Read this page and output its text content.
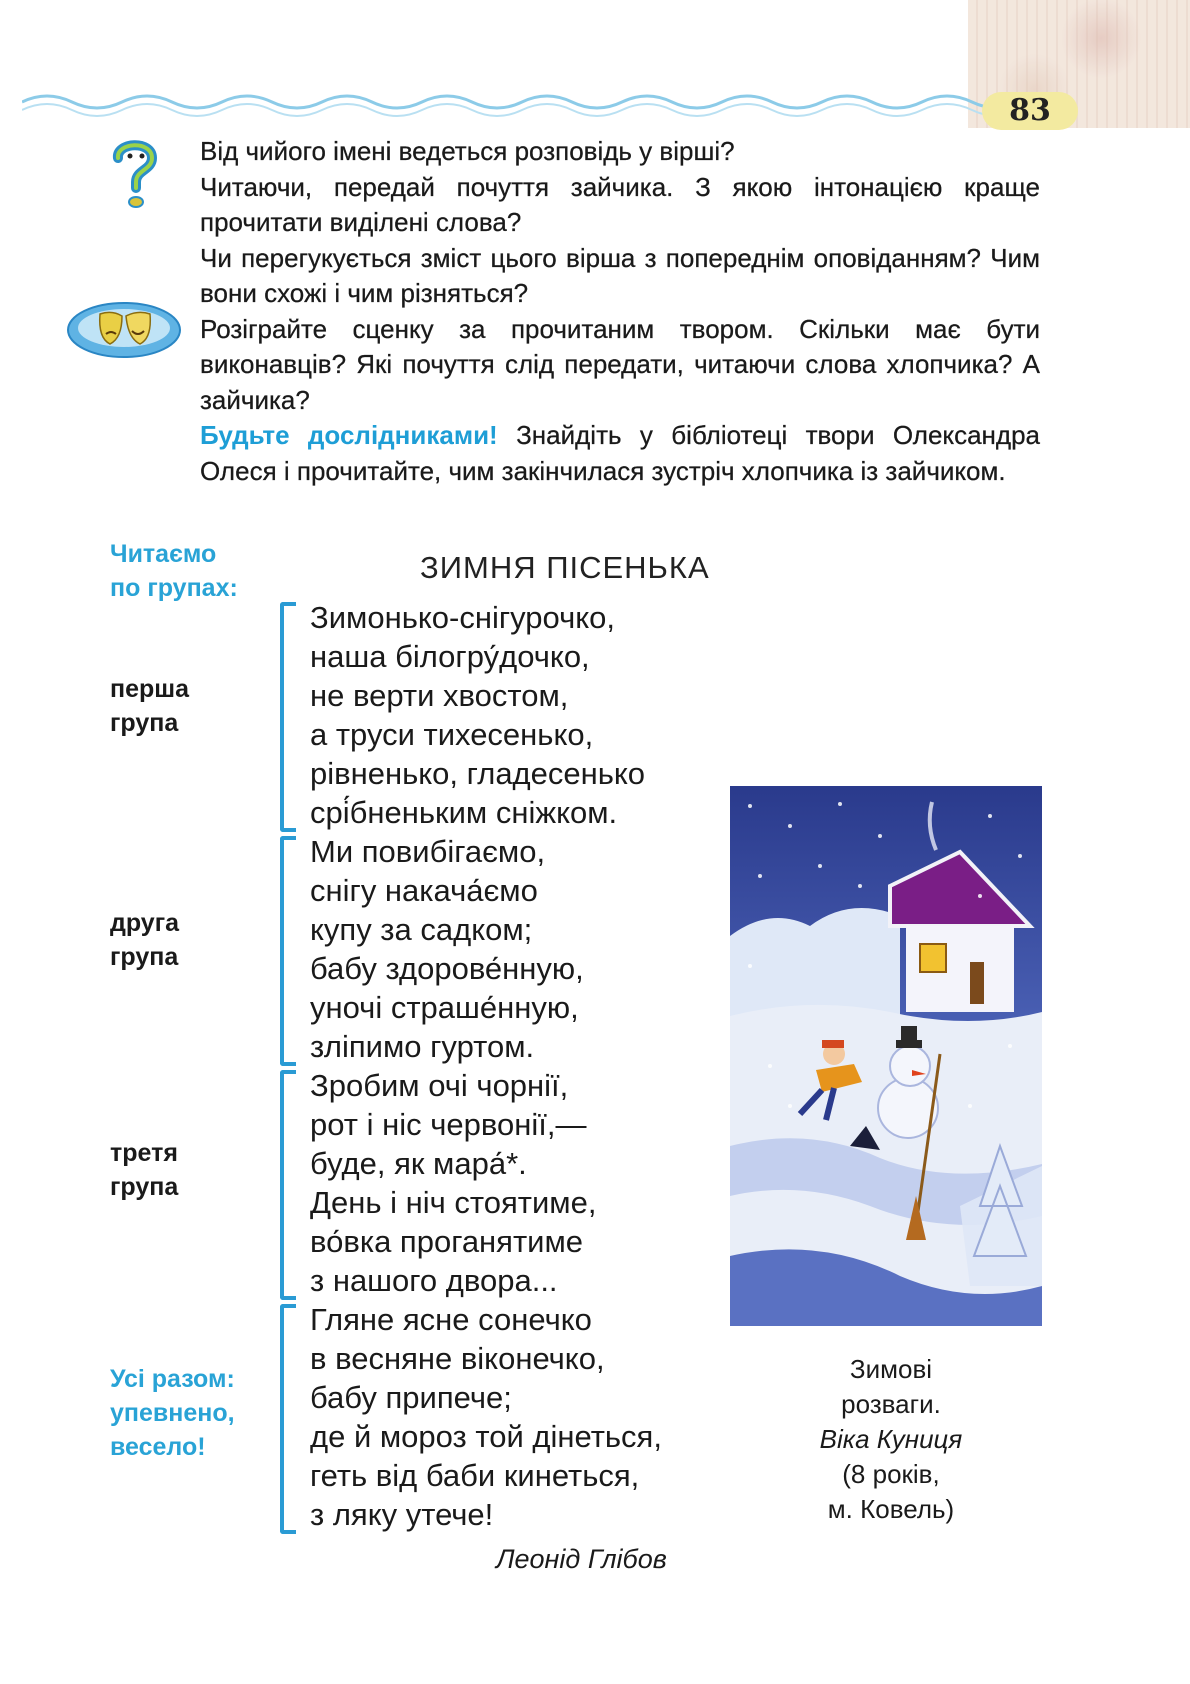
83

Від чийого імені ведеться розповідь у вірші?

Читаючи, передай почуття зайчика. З якою інтонацією краще прочитати виділені слова?

Чи перегукується зміст цього вірша з попереднім оповіданням? Чим вони схожі і чим різняться?

Розіграйте сценку за прочитаним твором. Скільки має бути виконавців? Які почуття слід передати, читаючи слова хлопчика? А зайчика?

Будьте дослідниками! Знайдіть у бібліотеці твори Олександра Олеся і прочитайте, чим закінчилася зустріч хлопчика із зайчиком.

Читаємо
по групах:
перша
група
друга
група
третя
група
Усі разом:
упевнено,
весело!
ЗИМНЯ ПІСЕНЬКА
Зимонько-снігурочко,
наша білогру́дочко,
не верти хвостом,
а труси тихесенько,
рівненько, гладесенько
срі́бненьким сніжком.
Ми повибігаємо,
снігу накача́ємо
купу за садком;
бабу здорове́нную,
уночі страше́нную,
зліпимо гуртом.
Зробим очі чорнії,
рот і ніс червонії,—
буде, як мара́*.
День і ніч стоятиме,
во́вка проганятиме
з нашого двора...
Гляне ясне сонечко
в весняне віконечко,
бабу припече;
де й мороз той дінеться,
геть від баби кинеться,
з ляку утече!
Леонід Глібов
Зимові
розваги.
Віка Куниця
(8 років,
м. Ковель)
